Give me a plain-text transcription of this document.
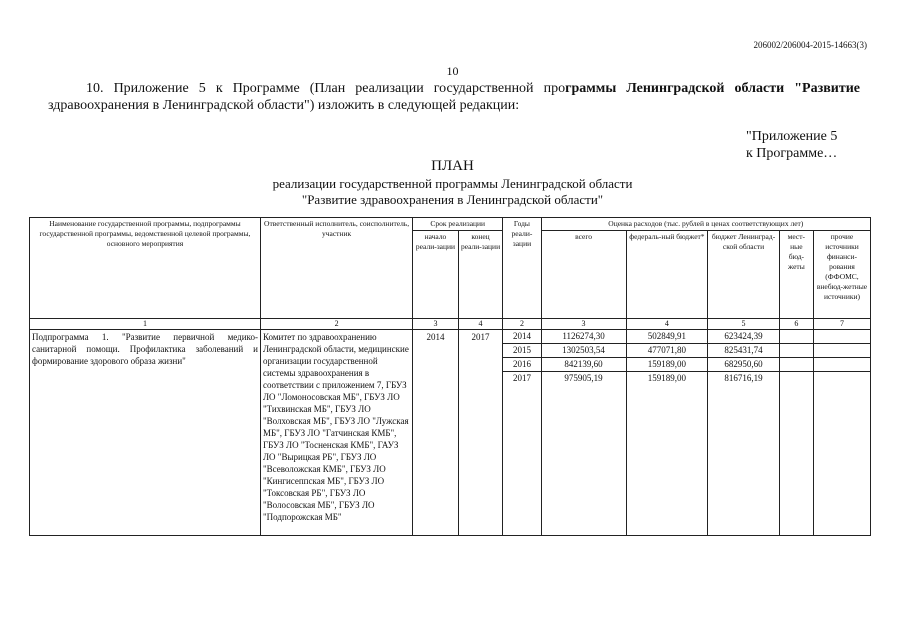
206002/206004-2015-14663(3)
10
10. Приложение 5 к Программе (План реализации государственной программы Ленинградской области "Развитие здравоохранения в Ленинградской области") изложить в следующей редакции:
"Приложение 5
к Программе…
ПЛАН
реализации государственной программы Ленинградской области
"Развитие здравоохранения в Ленинградской области"
Наименование государственной программы, подпрограммы государственной программы, ведомственной целевой программы, основного мероприятия	Ответственный исполнитель, соисполнитель, участник	Срок реализации		Годы реали-зации	Оценка расходов (тыс. рублей в ценах соответствующих лет)				
		начало реали-зации	конец реали-зации		всего	федераль-ный бюджет*	бюджет Ленинград-ской области	мест-ные бюд-жеты	прочие источники финанси-рования (ФФОМС, внебюд-жетные источники)
1	2	3	4	2	3	4	5	6	7
Подпрограмма 1. "Развитие первичной медико-санитарной помощи. Профилактика заболеваний и формирование здорового образа жизни"	Комитет по здравоохранению Ленинградской области, медицинские организации государственной системы здравоохранения в соответствии с приложением 7, ГБУЗ ЛО "Ломоносовская МБ", ГБУЗ ЛО "Тихвинская МБ", ГБУЗ ЛО "Волховская МБ", ГБУЗ ЛО "Лужская МБ", ГБУЗ ЛО "Гатчинская КМБ", ГБУЗ ЛО "Тосненская КМБ", ГАУЗ ЛО "Вырицкая РБ", ГБУЗ ЛО "Всеволожская КМБ", ГБУЗ ЛО "Кингисеппская МБ", ГБУЗ ЛО "Токсовская РБ", ГБУЗ ЛО "Волосовская МБ", ГБУЗ ЛО "Подпорожская МБ"	2014	2017	2014	1126274,30	502849,91	623424,39		
				2015	1302503,54	477071,80	825431,74		
				2016	842139,60	159189,00	682950,60		
				2017	975905,19	159189,00	816716,19		
